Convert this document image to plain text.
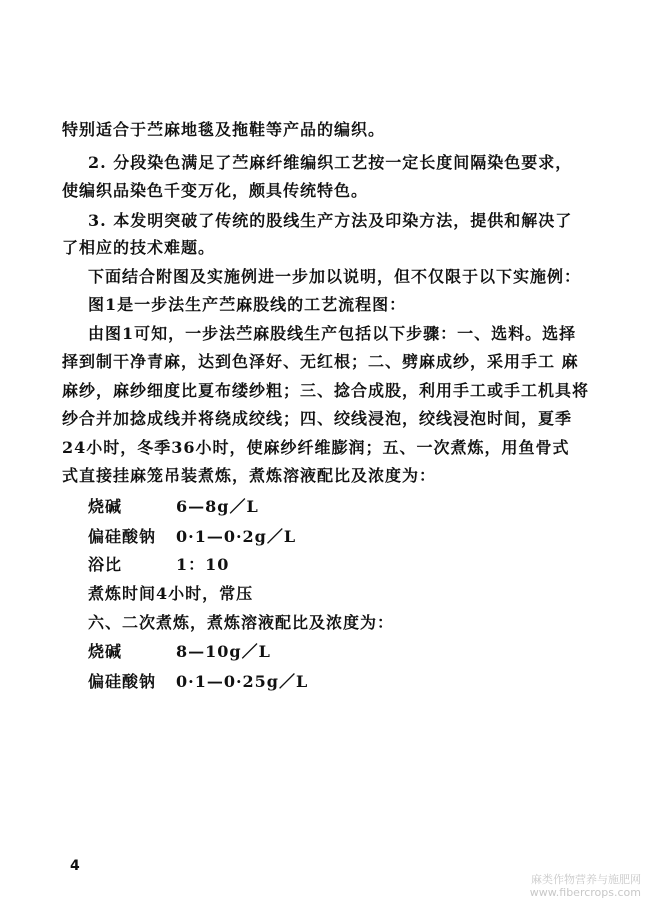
特别适合于苎麻地毯及拖鞋等产品的编织。
2. 分段染色满足了苎麻纤维编织工艺按一定长度间隔染色要求，
使编织品染色千变万化，颇具传统特色。
3. 本发明突破了传统的股线生产方法及印染方法，提供和解决了
了相应的技术难题。
下面结合附图及实施例进一步加以说明，但不仅限于以下实施例：
图1是一步法生产苎麻股线的工艺流程图：
由图1可知，一步法苎麻股线生产包括以下步骤：一、选料。选择
择到制干净青麻，达到色泽好、无红根；二、劈麻成纱，采用手工 麻
麻纱，麻纱细度比夏布缕纱粗；三、捻合成股，利用手工或手工机具将
纱合并加捻成线并将绕成绞线；四、绞线浸泡，绞线浸泡时间，夏季
24小时，冬季36小时，使麻纱纤维膨润；五、一次煮炼，用鱼骨式
式直接挂麻笼吊装煮炼，煮炼溶液配比及浓度为：
烧碱	6—8g／L
偏硅酸钠 0·1—0·2g／L
浴比	1：10
煮炼时间4小时，常压
六、二次煮炼，煮炼溶液配比及浓度为：
烧碱	8—10g／L
偏硅酸钠 0·1—0·25g／L
4
麻类作物营养与施肥网
www.fibercrops.com
